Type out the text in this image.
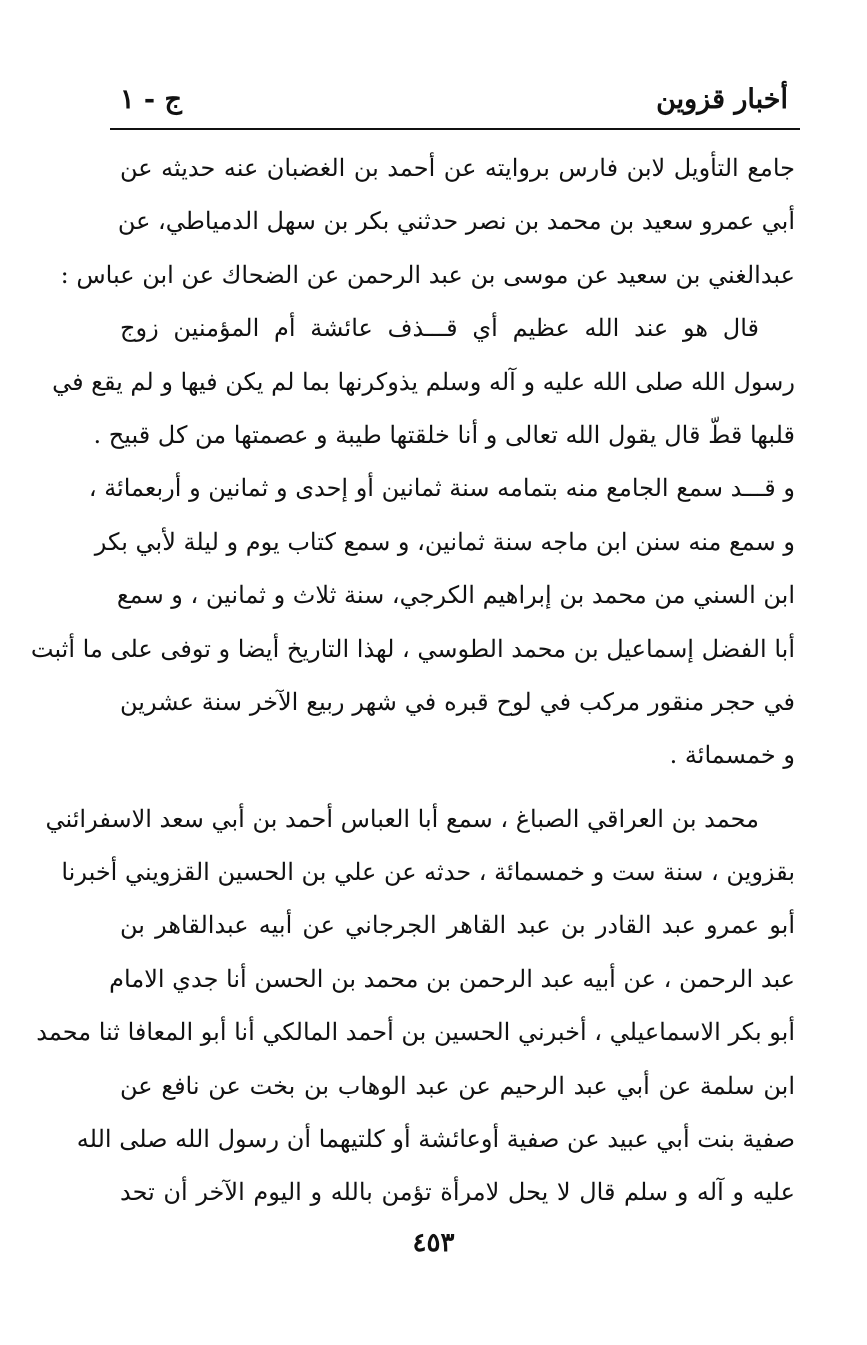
أخبار قزوين
ج - ١
جامع التأويل لابن فارس بروايته عن أحمد بن الغضبان عنه حديثه عن
أبي عمرو سعيد بن محمد بن نصر حدثني بكر بن سهل الدمياطي، عن
عبدالغني بن سعيد عن موسى بن عبد الرحمن عن الضحاك عن ابن عباس :
قال هو عند الله عظيم أي قـــذف عائشة أم المؤمنين زوج
رسول الله صلى الله عليه و آله وسلم يذوكرنها بما لم يكن فيها و لم يقع في
قلبها قطّ قال يقول الله تعالى و أنا خلقتها طيبة و عصمتها من كل قبيح .
و قـــد سمع الجامع منه بتمامه سنة ثمانين أو إحدى و ثمانين و أربعمائة ،
و سمع منه سنن ابن ماجه سنة ثمانين، و سمع كتاب يوم و ليلة لأبي بكر
ابن السني من محمد بن إبراهيم الكرجي، سنة ثلاث و ثمانين ، و سمع
أبا الفضل إسماعيل بن محمد الطوسي ، لهذا التاريخ أيضا و توفى على ما أثبت
في حجر منقور مركب في لوح قبره في شهر ربيع الآخر سنة عشرين
و خمسمائة .
محمد بن العراقي الصباغ ، سمع أبا العباس أحمد بن أبي سعد الاسفرائني
بقزوين ، سنة ست و خمسمائة ، حدثه عن علي بن الحسين القزويني أخبرنا
أبو عمرو عبد القادر بن عبد القاهر الجرجاني عن أبيه عبدالقاهر بن
عبد الرحمن ، عن أبيه عبد الرحمن بن محمد بن الحسن أنا جدي الامام
أبو بكر الاسماعيلي ، أخبرني الحسين بن أحمد المالكي أنا أبو المعافا ثنا محمد
ابن سلمة عن أبي عبد الرحيم عن عبد الوهاب بن بخت عن نافع عن
صفية بنت أبي عبيد عن صفية أوعائشة أو كلتيهما أن رسول الله صلى الله
عليه و آله و سلم قال لا يحل لامرأة تؤمن بالله و اليوم الآخر أن تحد
٤٥٣
